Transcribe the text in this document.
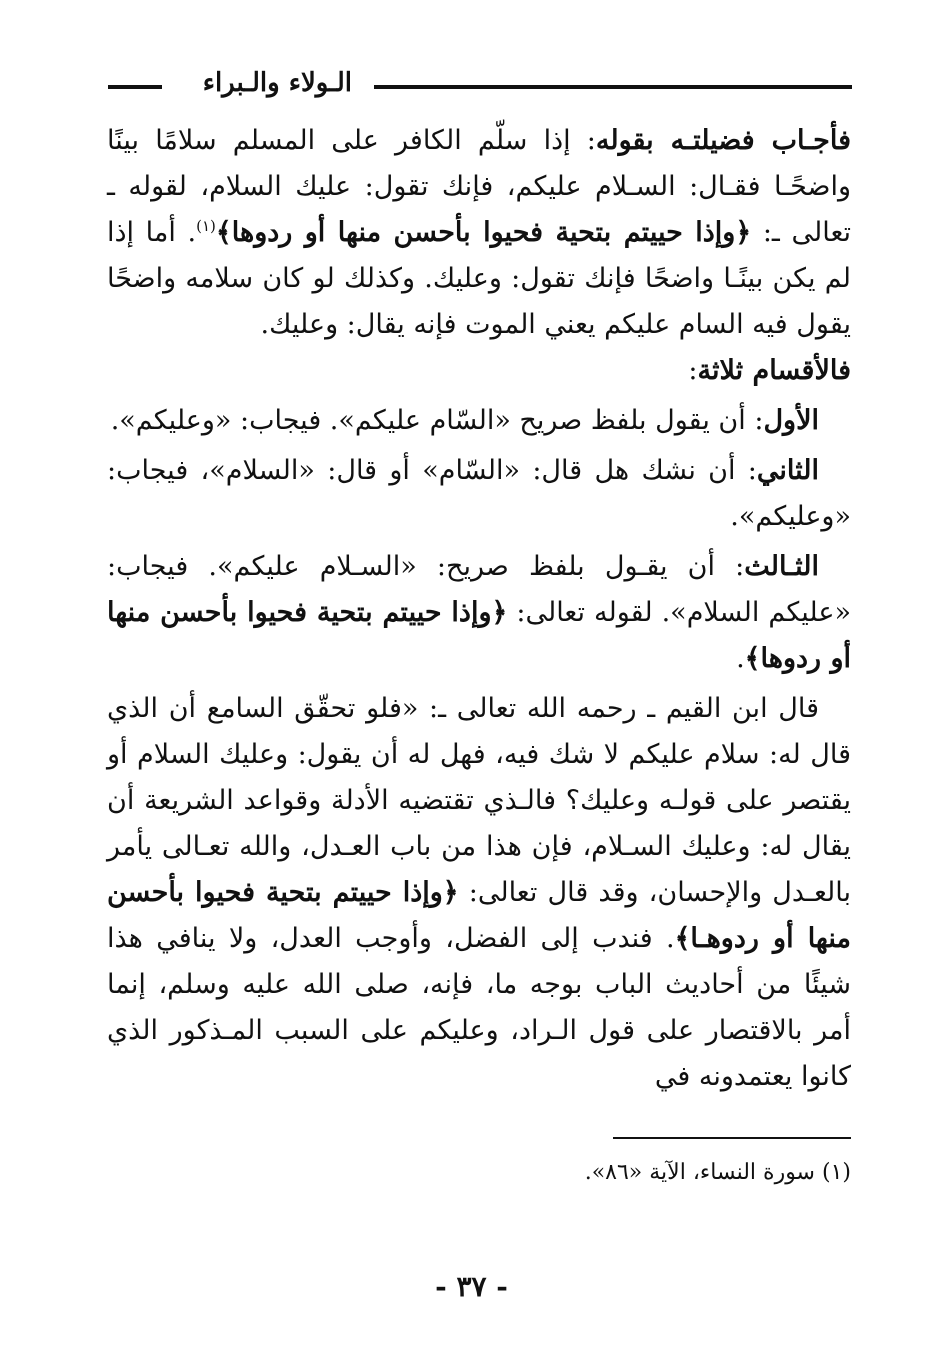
الـولاء والـبراء

فأجـاب فضيلتـه بقوله: إذا سلّم الكافر على المسلم سلامًا بينًا واضحًـا فقـال: السـلام عليكم، فإنك تقول: عليك السلام، لقوله ـ تعالى ـ: ﴿وإذا حييتم بتحية فحيوا بأحسن منها أو ردوها﴾$^{(١)}$. أما إذا لم يكن بينًـا واضحًا فإنك تقول: وعليك. وكذلك لو كان سلامه واضحًا يقول فيه السام عليكم يعني الموت فإنه يقال: وعليك.

فالأقسام ثلاثة:

الأول: أن يقول بلفظ صريح «السّام عليكم». فيجاب: «وعليكم».

الثاني: أن نشك هل قال: «السّام» أو قال: «السلام»، فيجاب: «وعليكم».

الثـالث: أن يقـول بلفظ صريح: «السـلام عليكم». فيجاب: «عليكم السلام». لقوله تعالى: ﴿وإذا حييتم بتحية فحيوا بأحسن منها أو ردوها﴾.

قال ابن القيم ـ رحمه الله تعالى ـ: «فلو تحقّق السامع أن الذي قال له: سلام عليكم لا شك فيه، فهل له أن يقول: وعليك السلام أو يقتصر على قولـه وعليك؟ فالـذي تقتضيه الأدلة وقواعد الشريعة أن يقال له: وعليك السـلام، فإن هذا من باب العـدل، والله تعـالى يأمر بالعـدل والإحسان، وقد قال تعالى: ﴿وإذا حييتم بتحية فحيوا بأحسن منها أو ردوهـا﴾. فندب إلى الفضل، وأوجب العدل، ولا ينافي هذا شيئًا من أحاديث الباب بوجه ما، فإنه، صلى الله عليه وسلم، إنما أمر بالاقتصار على قول الـراد، وعليكم على السبب المـذكور الذي كانوا يعتمدونه في

(١) سورة النساء، الآية «٨٦».
- ٣٧ -
